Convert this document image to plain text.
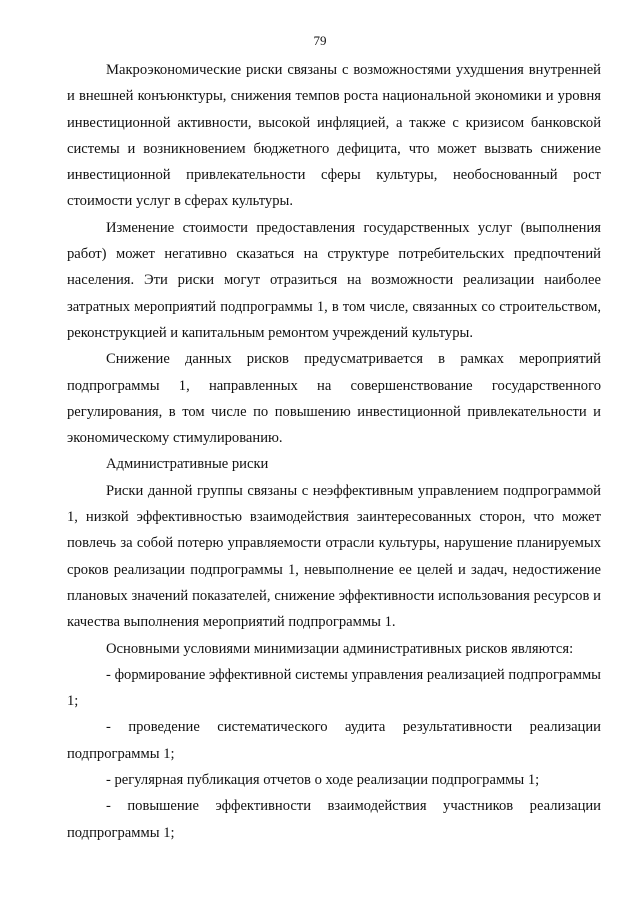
79

Макроэкономические риски связаны с возможностями ухудшения внутренней и внешней конъюнктуры, снижения темпов роста национальной экономики и уровня инвестиционной активности, высокой инфляцией, а также с кризисом банковской системы и возникновением бюджетного дефицита, что может вызвать снижение инвестиционной привлекательности сферы культуры, необоснованный рост стоимости услуг в сферах культуры.

Изменение стоимости предоставления государственных услуг (выполнения работ) может негативно сказаться на структуре потребительских предпочтений населения. Эти риски могут отразиться на возможности реализации наиболее затратных мероприятий подпрограммы 1, в том числе, связанных со строительством, реконструкцией и капитальным ремонтом учреждений культуры.

Снижение данных рисков предусматривается в рамках мероприятий подпрограммы 1, направленных на совершенствование государственного регулирования, в том числе по повышению инвестиционной привлекательности и экономическому стимулированию.

Административные риски

Риски данной группы связаны с неэффективным управлением подпрограммой 1, низкой эффективностью взаимодействия заинтересованных сторон, что может повлечь за собой потерю управляемости отрасли культуры, нарушение планируемых сроков реализации подпрограммы 1, невыполнение ее целей и задач, недостижение плановых значений показателей, снижение эффективности использования ресурсов и качества выполнения мероприятий подпрограммы 1.

Основными условиями минимизации административных рисков являются:

- формирование эффективной системы управления реализацией подпрограммы 1;

- проведение систематического аудита результативности реализации подпрограммы 1;

- регулярная публикация отчетов о ходе реализации подпрограммы 1;

- повышение эффективности взаимодействия участников реализации подпрограммы 1;
